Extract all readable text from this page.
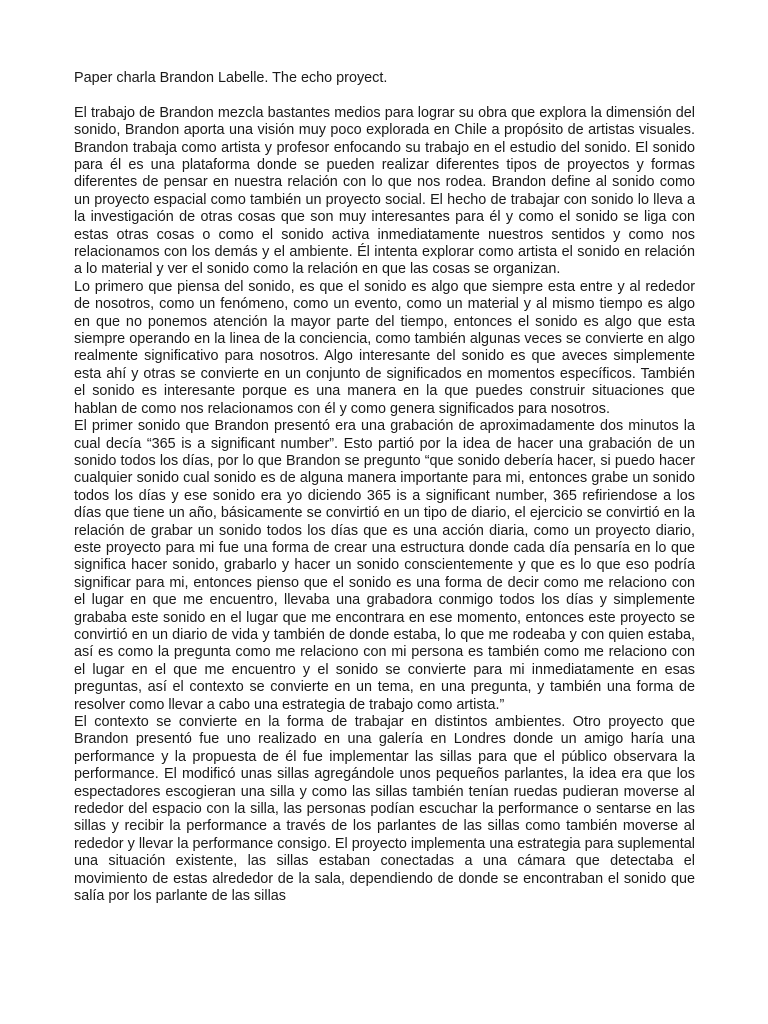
Paper charla Brandon Labelle. The echo proyect.

El trabajo de Brandon mezcla bastantes medios para lograr su obra que explora la dimensión del sonido, Brandon aporta una visión muy poco explorada en Chile a propósito de artistas visuales. Brandon trabaja como artista y profesor enfocando su trabajo en el estudio del sonido. El sonido para él es una plataforma donde se pueden realizar diferentes tipos de proyectos y formas diferentes de pensar en nuestra relación con lo que nos rodea. Brandon define al sonido como un proyecto espacial como también un proyecto social. El hecho de trabajar con sonido lo lleva a la investigación de otras cosas que son muy interesantes para él y como el sonido se liga con estas otras cosas o como el sonido activa inmediatamente nuestros sentidos y como nos relacionamos con los demás y el ambiente. Él intenta explorar como artista el sonido en relación a lo material y ver el sonido como la relación en que las cosas se organizan.

Lo primero que piensa del sonido, es que el sonido es algo que siempre esta entre y al rededor de nosotros, como un fenómeno, como un evento, como un material y al mismo tiempo es algo en que no ponemos atención la mayor parte del tiempo, entonces el sonido es algo que esta siempre operando en la linea de la conciencia, como también algunas veces se convierte en algo realmente significativo para nosotros. Algo interesante del sonido es que aveces simplemente esta ahí y otras se convierte en un conjunto de significados en momentos específicos. También el sonido es interesante porque es una manera en la que puedes construir situaciones que hablan de como nos relacionamos con él y como genera significados para nosotros.

El primer sonido que Brandon presentó era una grabación de aproximadamente dos minutos la cual decía “365 is a significant number”. Esto partió por la idea de hacer una grabación de un sonido todos los días, por lo que Brandon se pregunto “que sonido debería hacer, si puedo hacer cualquier sonido cual sonido es de alguna manera importante para mi, entonces grabe un sonido todos los días y ese sonido era yo diciendo 365 is a significant number, 365 refiriendose a los días que tiene un año, básicamente se convirtió en un tipo de diario, el ejercicio se convirtió en la relación de grabar un sonido todos los días que es una acción diaria, como un proyecto diario, este proyecto para mi fue una forma de crear una estructura donde cada día pensaría en lo que significa hacer sonido, grabarlo y hacer un sonido conscientemente y que es lo que eso podría significar para mi, entonces pienso que el sonido es una forma de decir como me relaciono con el lugar en que me encuentro, llevaba una grabadora conmigo todos los días y simplemente grababa este sonido en el lugar que me encontrara en ese momento, entonces este proyecto se convirtió en un diario de vida y también de donde estaba, lo que me rodeaba y con quien estaba, así es como la pregunta como me relaciono con mi persona es también como me relaciono con el lugar en el que me encuentro y el sonido se convierte para mi inmediatamente en esas preguntas, así el contexto se convierte en un tema, en una pregunta, y también una forma de resolver como llevar a cabo una estrategia de trabajo como artista.”

El contexto se convierte en la forma de trabajar en distintos ambientes. Otro proyecto que Brandon presentó fue uno realizado en una galería en Londres donde un amigo haría una performance y la propuesta de él fue implementar las sillas para que el público observara la performance. El modificó unas sillas agregándole unos pequeños parlantes, la idea era que los espectadores escogieran una silla y como las sillas también tenían ruedas pudieran moverse al rededor del espacio con la silla, las personas podían escuchar la performance o sentarse en las sillas y recibir la performance a través de los parlantes de las sillas como también moverse al rededor y llevar la performance consigo. El proyecto implementa una estrategia para suplemental una situación existente, las sillas estaban conectadas a una cámara que detectaba el movimiento de estas alrededor de la sala, dependiendo de donde se encontraban el sonido que salía por los parlante de las sillas
